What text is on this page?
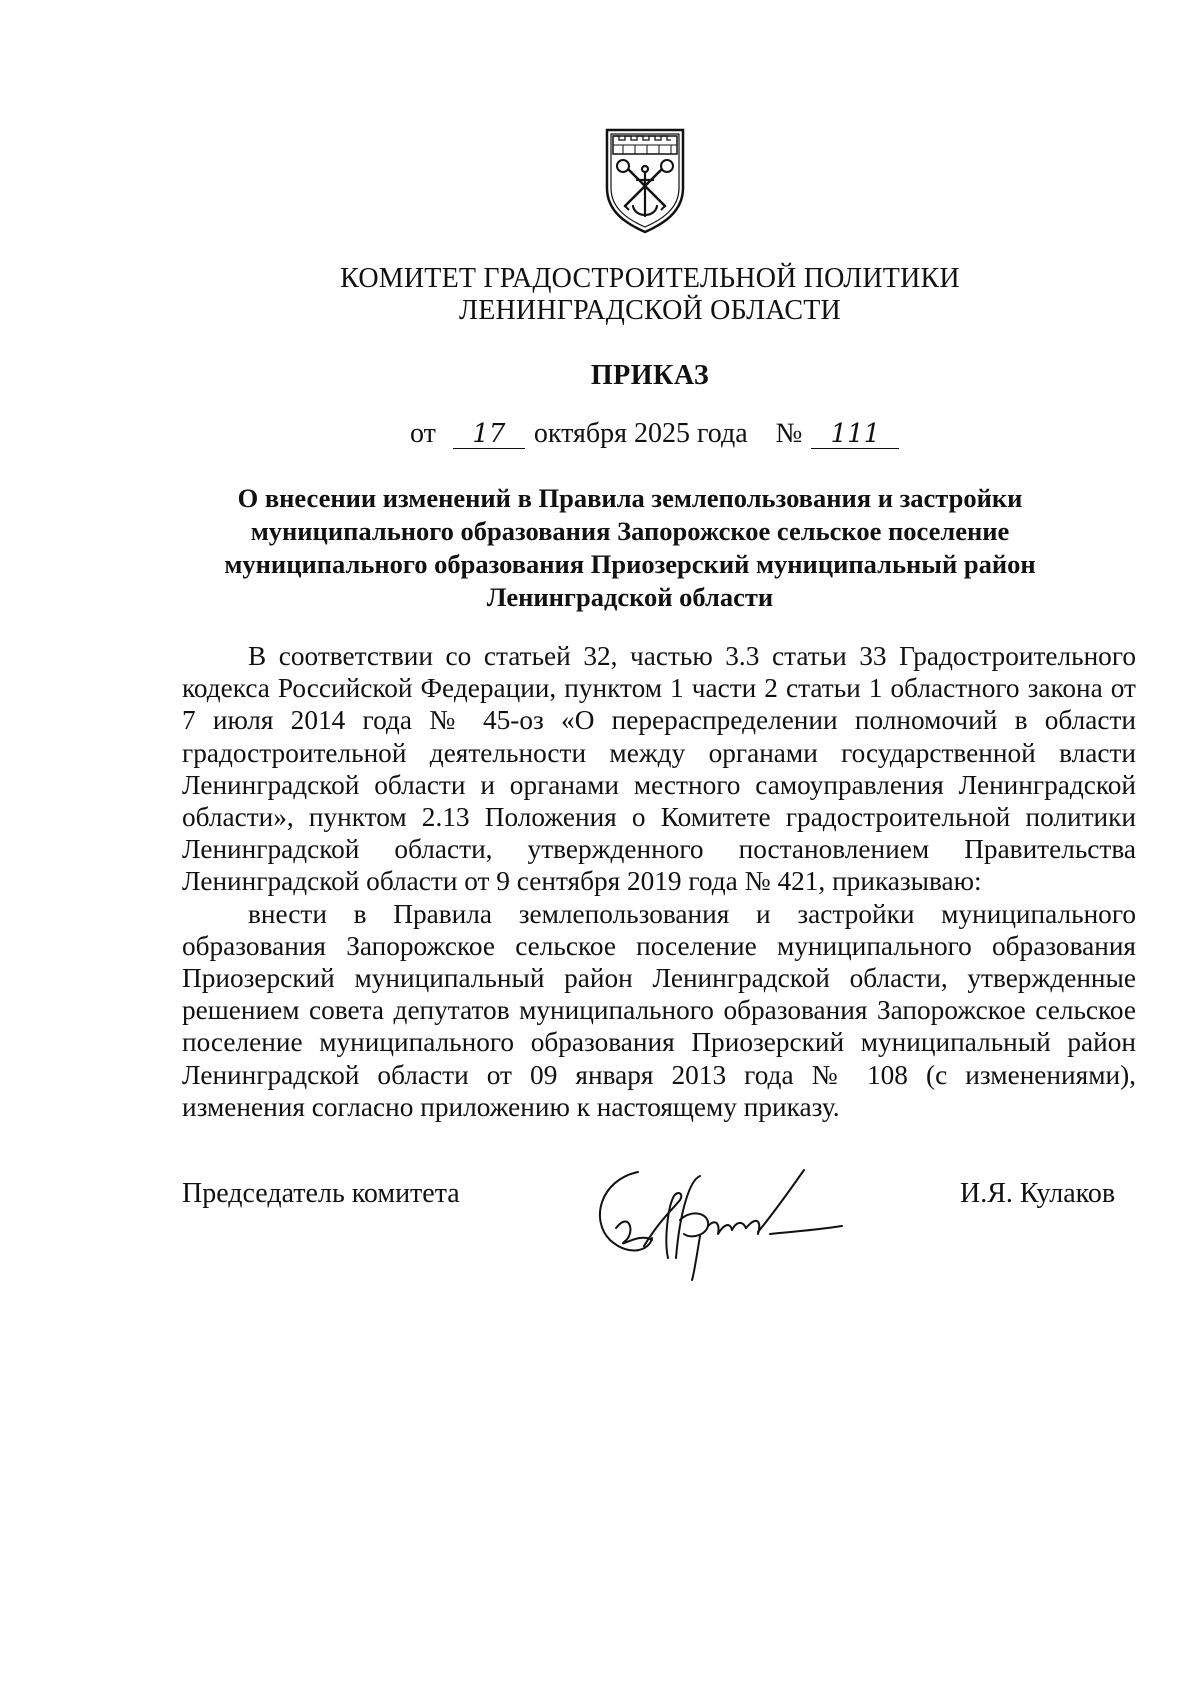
КОМИТЕТ ГРАДОСТРОИТЕЛЬНОЙ ПОЛИТИКИ
ЛЕНИНГРАДСКОЙ ОБЛАСТИ
ПРИКАЗ
от 17 октября 2025 года № 111
О внесении изменений в Правила землепользования и застройки муниципального образования Запорожское сельское поселение муниципального образования Приозерский муниципальный район Ленинградской области

В соответствии со статьей 32, частью 3.3 статьи 33 Градостроительного кодекса Российской Федерации, пунктом 1 части 2 статьи 1 областного закона от 7 июля 2014 года № 45-оз «О перераспределении полномочий в области градостроительной деятельности между органами государственной власти Ленинградской области и органами местного самоуправления Ленинградской области», пунктом 2.13 Положения о Комитете градостроительной политики Ленинградской области, утвержденного постановлением Правительства Ленинградской области от 9 сентября 2019 года № 421, приказываю:

внести в Правила землепользования и застройки муниципального образования Запорожское сельское поселение муниципального образования Приозерский муниципальный район Ленинградской области, утвержденные решением совета депутатов муниципального образования Запорожское сельское поселение муниципального образования Приозерский муниципальный район Ленинградской области от 09 января 2013 года № 108 (с изменениями), изменения согласно приложению к настоящему приказу.

Председатель комитета	И.Я. Кулаков
